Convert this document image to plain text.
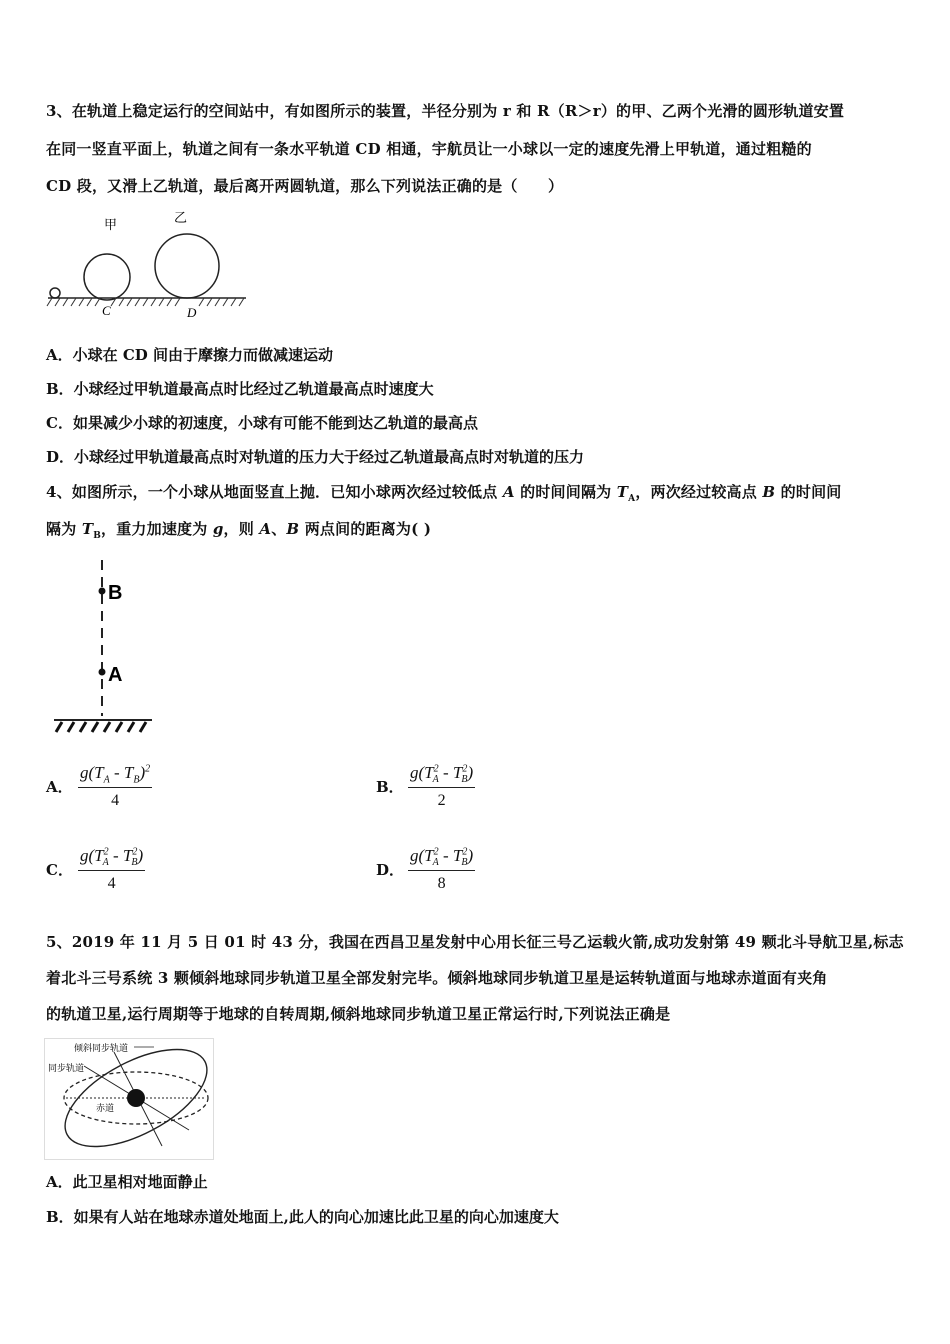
3、在轨道上稳定运行的空间站中，有如图所示的装置，半径分别为 r 和 R（R＞r）的甲、乙两个光滑的圆形轨道安置
在同一竖直平面上，轨道之间有一条水平轨道 CD 相通，宇航员让一小球以一定的速度先滑上甲轨道，通过粗糙的
CD 段，又滑上乙轨道，最后离开两圆轨道，那么下列说法正确的是（　　）
甲	乙
C	D
A．小球在 CD 间由于摩擦力而做减速运动
B．小球经过甲轨道最高点时比经过乙轨道最高点时速度大
C．如果减少小球的初速度，小球有可能不能到达乙轨道的最高点
D．小球经过甲轨道最高点时对轨道的压力大于经过乙轨道最高点时对轨道的压力
4、如图所示，一个小球从地面竖直上抛．已知小球两次经过较低点 A 的时间间隔为 $T_A$，两次经过较高点 B 的时间间
隔为 $T_B$，重力加速度为 g，则 A、B 两点间的距离为( )
B
A
A． $\frac{g(T_A - T_B)^2}{4}$	B． $\frac{g(T^2_A - T^2_B)}{2}$
C． $\frac{g(T^2_A - T^2_B)}{4}$	D． $\frac{g(T^2_A - T^2_B)}{8}$
5、2019 年 11 月 5 日 01 时 43 分，我国在西昌卫星发射中心用长征三号乙运载火箭,成功发射第 49 颗北斗导航卫星,标志
着北斗三号系统 3 颗倾斜地球同步轨道卫星全部发射完毕。倾斜地球同步轨道卫星是运转轨道面与地球赤道面有夹角
的轨道卫星,运行周期等于地球的自转周期,倾斜地球同步轨道卫星正常运行时,下列说法正确是
倾斜同步轨道
同步轨道
赤道
A．此卫星相对地面静止
B．如果有人站在地球赤道处地面上,此人的向心加速比此卫星的向心加速度大
